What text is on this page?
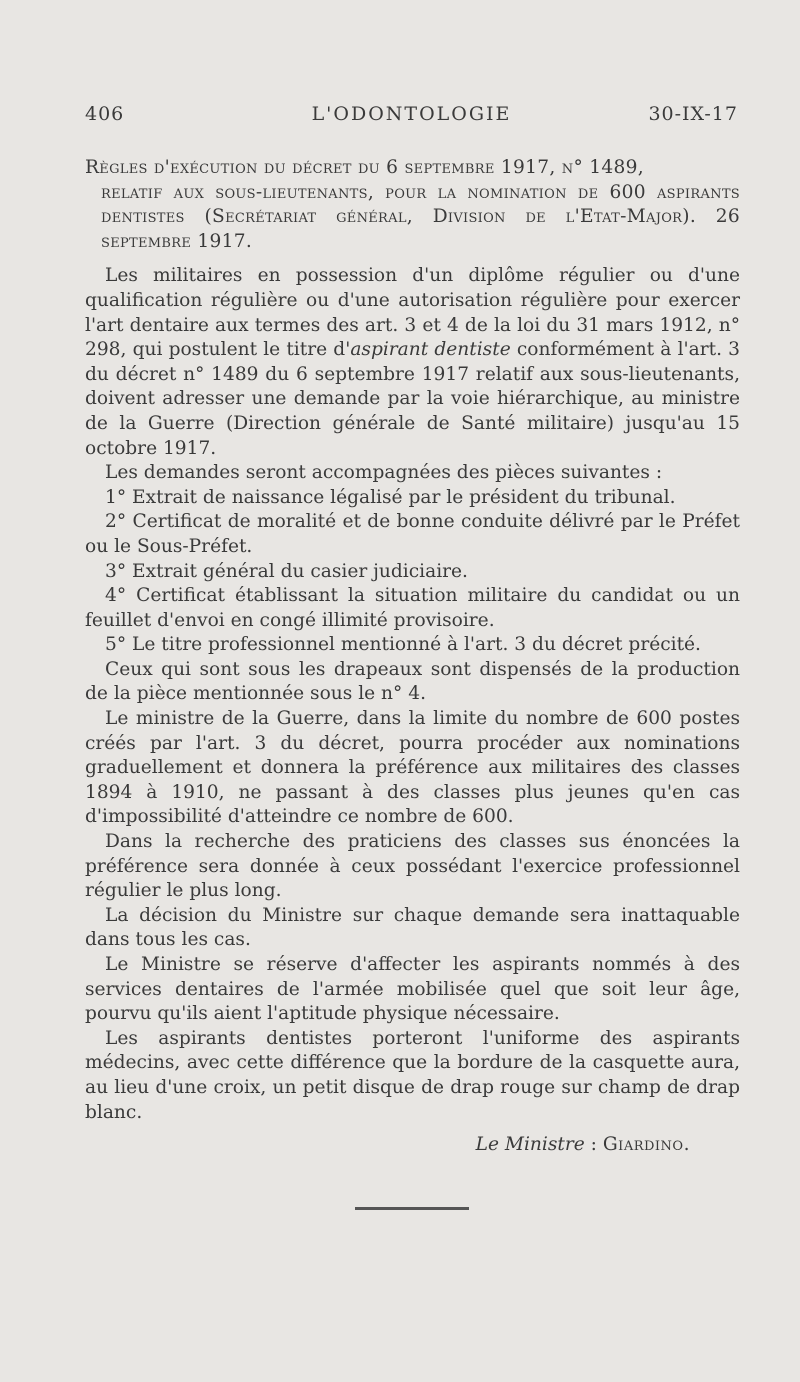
406	L'ODONTOLOGIE	30-IX-17
Règles d'exécution du décret du 6 septembre 1917, n° 1489,
relatif aux sous-lieutenants, pour la nomination de 600 aspirants dentistes (Secrétariat général, Division de l'Etat-Major). 26 septembre 1917.

Les militaires en possession d'un diplôme régulier ou d'une qualification régulière ou d'une autorisation régulière pour exercer l'art dentaire aux termes des art. 3 et 4 de la loi du 31 mars 1912, n° 298, qui postulent le titre d'aspirant dentiste conformément à l'art. 3 du décret n° 1489 du 6 septembre 1917 relatif aux sous-lieutenants, doivent adresser une demande par la voie hiérarchique, au ministre de la Guerre (Direction générale de Santé militaire) jusqu'au 15 octobre 1917.

Les demandes seront accompagnées des pièces suivantes :

1° Extrait de naissance légalisé par le président du tribunal.

2° Certificat de moralité et de bonne conduite délivré par le Préfet ou le Sous-Préfet.

3° Extrait général du casier judiciaire.

4° Certificat établissant la situation militaire du candidat ou un feuillet d'envoi en congé illimité provisoire.

5° Le titre professionnel mentionné à l'art. 3 du décret précité.

Ceux qui sont sous les drapeaux sont dispensés de la production de la pièce mentionnée sous le n° 4.

Le ministre de la Guerre, dans la limite du nombre de 600 postes créés par l'art. 3 du décret, pourra procéder aux nominations graduellement et donnera la préférence aux militaires des classes 1894 à 1910, ne passant à des classes plus jeunes qu'en cas d'impossibilité d'atteindre ce nombre de 600.

Dans la recherche des praticiens des classes sus énoncées la préférence sera donnée à ceux possédant l'exercice professionnel régulier le plus long.

La décision du Ministre sur chaque demande sera inattaquable dans tous les cas.

Le Ministre se réserve d'affecter les aspirants nommés à des services dentaires de l'armée mobilisée quel que soit leur âge, pourvu qu'ils aient l'aptitude physique nécessaire.

Les aspirants dentistes porteront l'uniforme des aspirants médecins, avec cette différence que la bordure de la casquette aura, au lieu d'une croix, un petit disque de drap rouge sur champ de drap blanc.

Le Ministre : Giardino.
